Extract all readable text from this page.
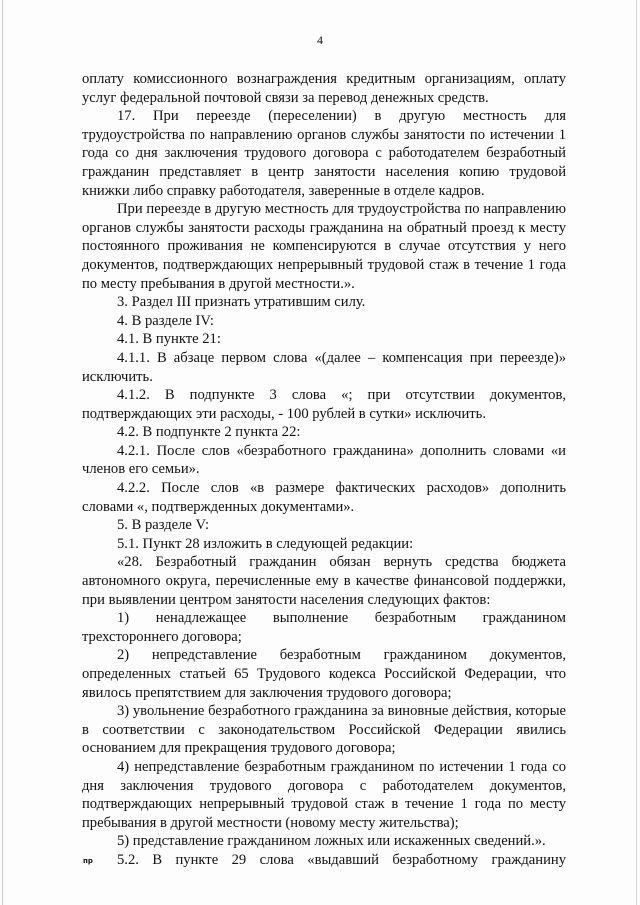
4

оплату комиссионного вознаграждения кредитным организациям, оплату услуг федеральной почтовой связи за перевод денежных средств.

17. При переезде (переселении) в другую местность для трудоустройства по направлению органов службы занятости по истечении 1 года со дня заключения трудового договора с работодателем безработный гражданин представляет в центр занятости населения копию трудовой книжки либо справку работодателя, заверенные в отделе кадров.

При переезде в другую местность для трудоустройства по направлению органов службы занятости расходы гражданина на обратный проезд к месту постоянного проживания не компенсируются в случае отсутствия у него документов, подтверждающих непрерывный трудовой стаж в течение 1 года по месту пребывания в другой местности.».

3. Раздел III признать утратившим силу.

4. В разделе IV:

4.1. В пункте 21:

4.1.1. В абзаце первом слова «(далее – компенсация при переезде)» исключить.

4.1.2. В подпункте 3 слова «; при отсутствии документов, подтверждающих эти расходы, - 100 рублей в сутки» исключить.

4.2. В подпункте 2 пункта 22:

4.2.1. После слов «безработного гражданина» дополнить словами «и членов его семьи».

4.2.2. После слов «в размере фактических расходов» дополнить словами «, подтвержденных документами».

5. В разделе V:

5.1. Пункт 28 изложить в следующей редакции:

«28. Безработный гражданин обязан вернуть средства бюджета автономного округа, перечисленные ему в качестве финансовой поддержки, при выявлении центром занятости населения следующих фактов:

1) ненадлежащее выполнение безработным гражданином трехстороннего договора;

2) непредставление безработным гражданином документов, определенных статьей 65 Трудового кодекса Российской Федерации, что явилось препятствием для заключения трудового договора;

3) увольнение безработного гражданина за виновные действия, которые в соответствии с законодательством Российской Федерации явились основанием для прекращения трудового договора;

4) непредставление безработным гражданином по истечении 1 года со дня заключения трудового договора с работодателем документов, подтверждающих непрерывный трудовой стаж в течение 1 года по месту пребывания в другой местности (новому месту жительства);

5) представление гражданином ложных или искаженных сведений.».

5.2. В пункте 29 слова «выдавший безработному гражданину

пр
